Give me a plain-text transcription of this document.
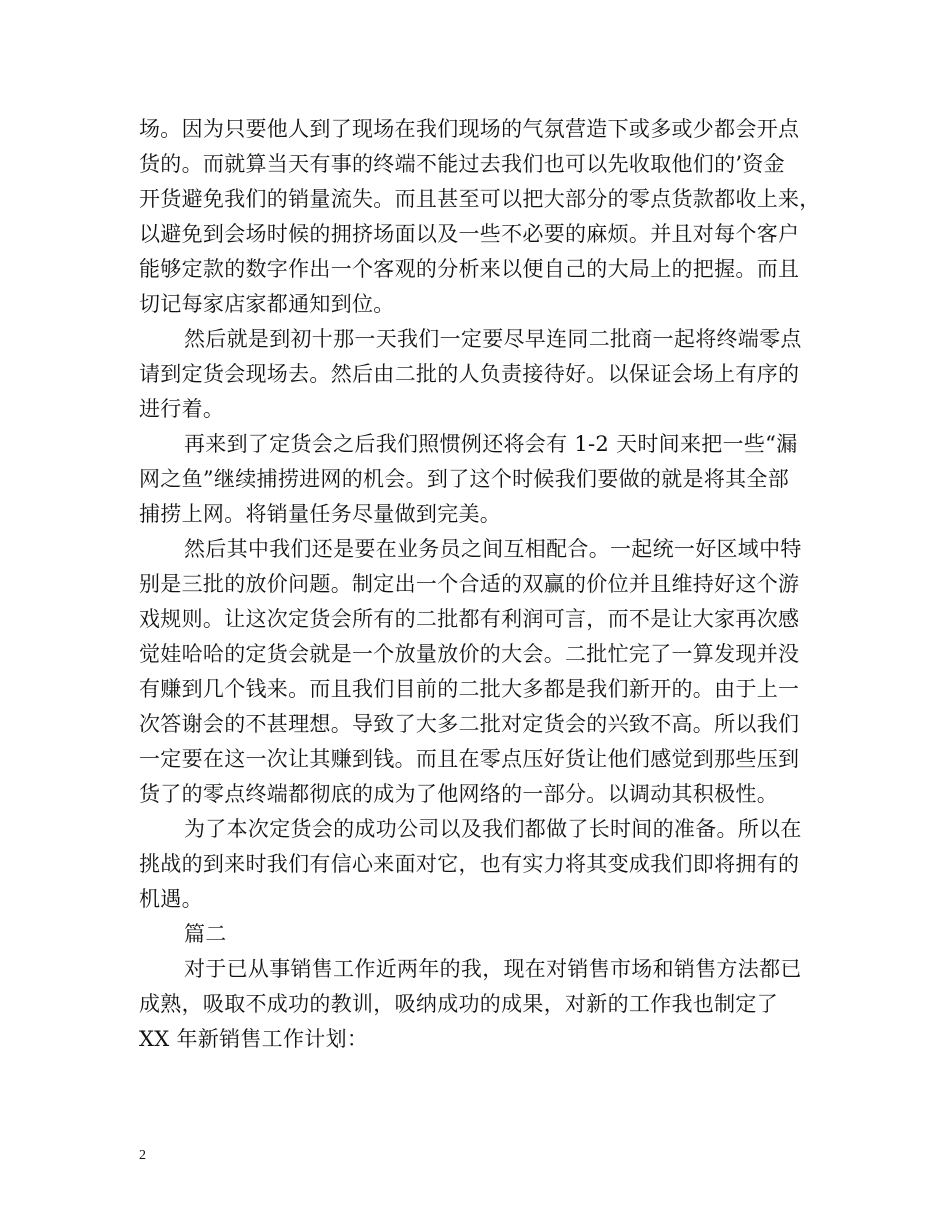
场。因为只要他人到了现场在我们现场的气氛营造下或多或少都会开点
货的。而就算当天有事的终端不能过去我们也可以先收取他们的’资金
开货避免我们的销量流失。而且甚至可以把大部分的零点货款都收上来，
以避免到会场时候的拥挤场面以及一些不必要的麻烦。并且对每个客户
能够定款的数字作出一个客观的分析来以便自己的大局上的把握。而且
切记每家店家都通知到位。

然后就是到初十那一天我们一定要尽早连同二批商一起将终端零点
请到定货会现场去。然后由二批的人负责接待好。以保证会场上有序的
进行着。

再来到了定货会之后我们照惯例还将会有 1-2 天时间来把一些“漏
网之鱼”继续捕捞进网的机会。到了这个时候我们要做的就是将其全部
捕捞上网。将销量任务尽量做到完美。

然后其中我们还是要在业务员之间互相配合。一起统一好区域中特
别是三批的放价问题。制定出一个合适的双赢的价位并且维持好这个游
戏规则。让这次定货会所有的二批都有利润可言，而不是让大家再次感
觉娃哈哈的定货会就是一个放量放价的大会。二批忙完了一算发现并没
有赚到几个钱来。而且我们目前的二批大多都是我们新开的。由于上一
次答谢会的不甚理想。导致了大多二批对定货会的兴致不高。所以我们
一定要在这一次让其赚到钱。而且在零点压好货让他们感觉到那些压到
货了的零点终端都彻底的成为了他网络的一部分。以调动其积极性。

为了本次定货会的成功公司以及我们都做了长时间的准备。所以在
挑战的到来时我们有信心来面对它，也有实力将其变成我们即将拥有的
机遇。

篇二

对于已从事销售工作近两年的我，现在对销售市场和销售方法都已
成熟，吸取不成功的教训，吸纳成功的成果，对新的工作我也制定了
XX 年新销售工作计划：

2
